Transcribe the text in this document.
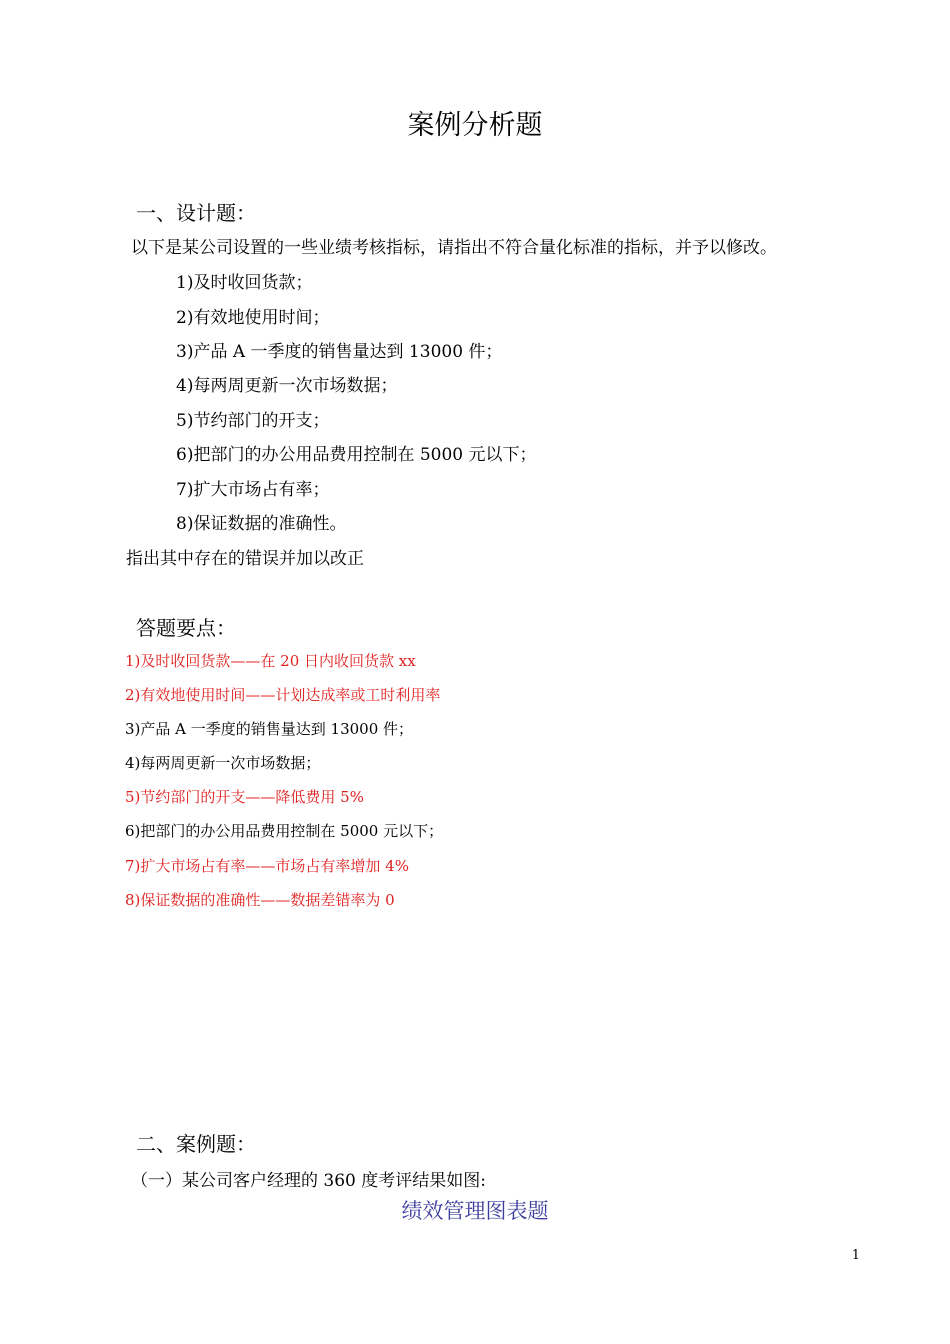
案例分析题
一、设计题：
以下是某公司设置的一些业绩考核指标，请指出不符合量化标准的指标，并予以修改。
1)及时收回货款；
2)有效地使用时间；
3)产品 A 一季度的销售量达到 13000 件；
4)每两周更新一次市场数据；
5)节约部门的开支；
6)把部门的办公用品费用控制在 5000 元以下；
7)扩大市场占有率；
8)保证数据的准确性。
指出其中存在的错误并加以改正
答题要点：
1)及时收回货款——在 20 日内收回货款 xx
2)有效地使用时间——计划达成率或工时利用率
3)产品 A 一季度的销售量达到 13000 件；
4)每两周更新一次市场数据；
5)节约部门的开支——降低费用 5%
6)把部门的办公用品费用控制在 5000 元以下；
7)扩大市场占有率——市场占有率增加 4%
8)保证数据的准确性——数据差错率为 0
二、案例题：
（一）某公司客户经理的 360 度考评结果如图:
绩效管理图表题
1
